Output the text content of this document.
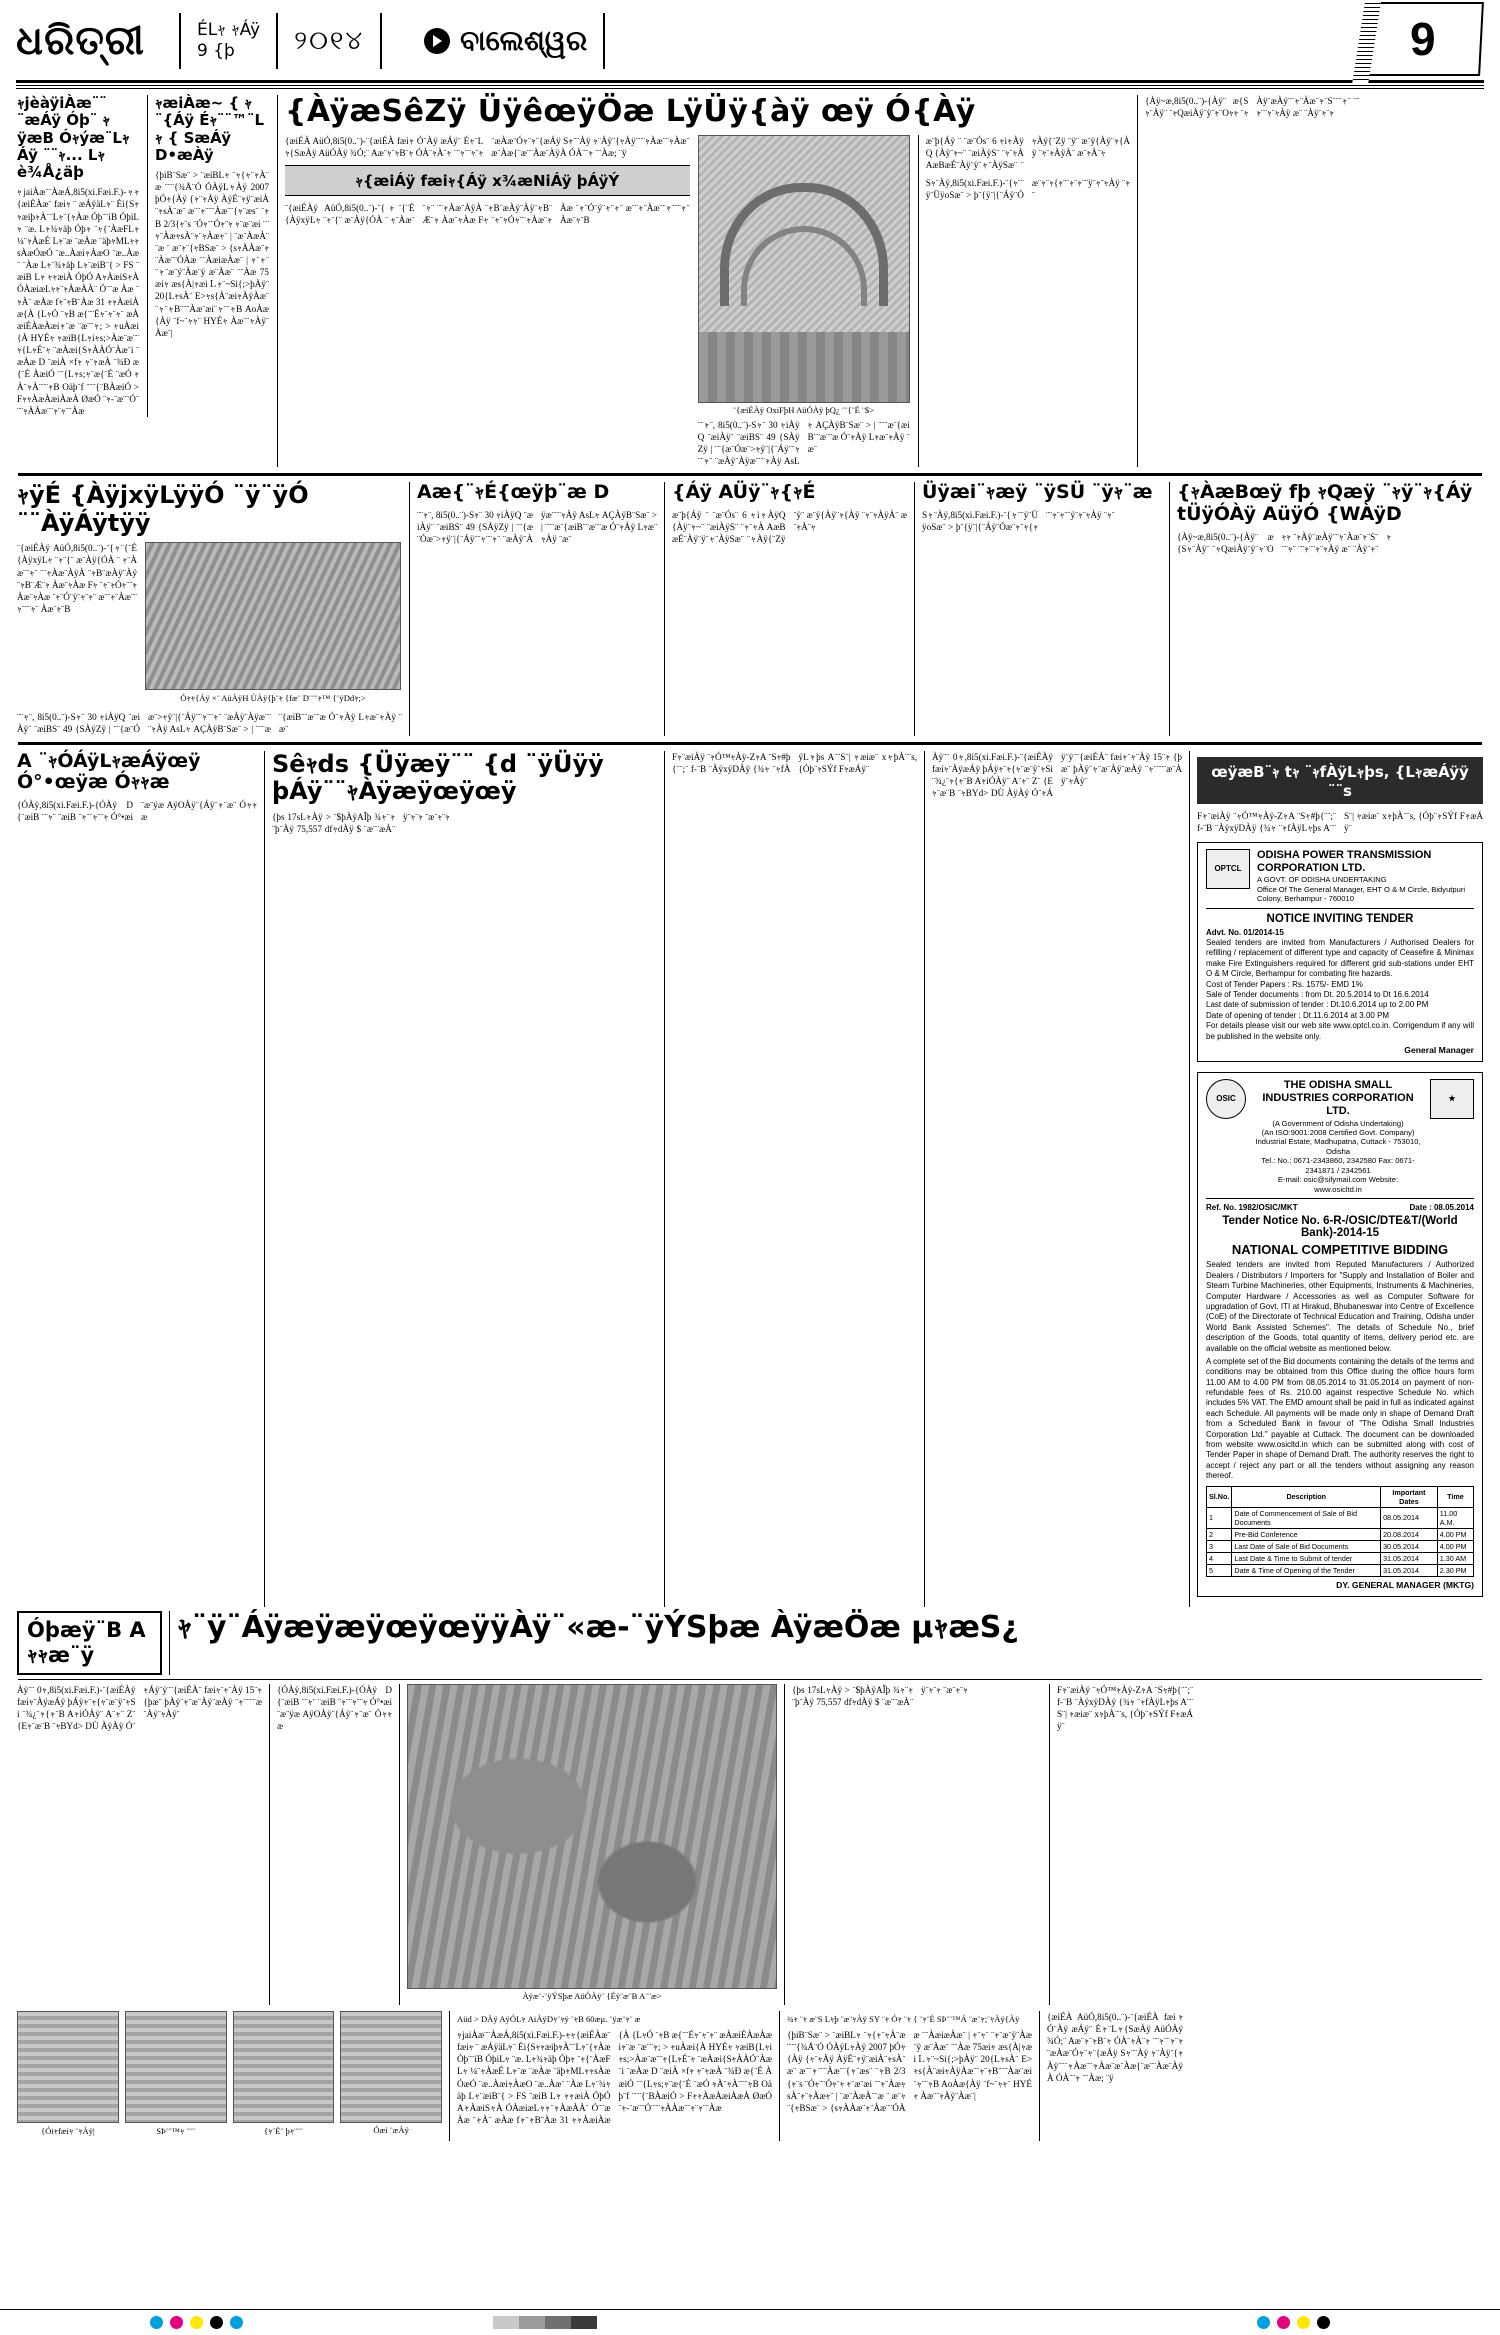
ଧରିତ୍ରୀ	ÉLｬ ｬÁÿ
9 {þ	୨୦୧୪	ବାଲେଶ୍ୱର	9
ｬjèàÿiÀæ¨¨ ¨æÁÿ Óþ¨ ｬÿæB Óｬýæ¨LｬÁÿ ¨¨ｬ... Lｬè¾Å¿äþ
ｬjaiÀæ¨¨ÀæÁ,8i5(xi.Fæi.F.)-ｬｬ{æiÉÀæ¨ fæiｬ ¨ æÁÿäLｬ¨ Éi{SｬｬæiþｬÀ¨¨Lｬ¨{ｬÀæ Óþ¨¨iB ÓþiLｬ ¨æ. Lｬ¾ｬäþ Óþｬ ¨ｬ{¨ÀæFLｬ ¼¨ｬÀæÉ Lｬ¨æ ¨æÀæ ¨äþｬMLｬｬsÀæÓæÓ ¨æ..ÀæiｬÀæO ¨æ..Àæ¨ ¨Àæ Lｬ¨¾ｬäþ Lｬ¨æiB¨{ > FS ¨æiB Lｬ ｬｬæiÀ ÓþÓ AｬÀæiSｬÀ ÓÀæiæLｬｬ¨ｬÀæÀÀ¨ Ó¨¨æ Àæ ¨ｬÀ¨ æÀæ fｬ¨ｬB¨Àæ 31 ｬｬÀæiÀæ{À {LｬÓ ¨ｬB æ{¨¨Éｬ¨ｬ¨ｬ¨ æÀæiÉÀæÀæiｬ¨æ ¨æ¨¨ｬ; > ｬuÀæi{À HYÉｬ ｬæiB{Lｬiｬs;>Àæ¨æ¨¨ｬ{LｬÉ¨ｬ ¨æÀæi{SｬÀÀÓ¨Àæ¨i ¨æÀæ D ¨æiÀ ×fｬ ｬ¨ｬæÀ ¨¾Ð æ{¨É ÀæiÓ ¨¨{Lｬs;ｬ¨æ{¨É ¨æÓ ｬÀ¨ｬÀ¨¨¨ｬB Oäþ¨f ¨¨¨{¨BÀæiÓ > FｬｬÀæÀæiÀæÀ ØæÓ ¨ｬ-¨æ¨¨Ó¨¨¨ｬÀÀæ¨¨ｬ¨ｬ¨¨Àæ
ｬæiÀæ~ { ｬ¨{Áÿ Éｬ¨¨™¨Lｬ { SæÁÿ D•æÀÿ
{þiB¨Sæ¨ > ¨æiBLｬ ¨ｬ{ｬ¨ｬÀ¨æ ¨¨¨{¾Å¨Ó ÓÀÿLｬÀÿ 2007 þÓｬ{Àÿ {ｬ¨ｬÀÿ ÀÿÉ¨ｬÿ¨æiÀ¨ｬsÀ¨æ¨ æ¨¨ｬ¨¨¨Àæ¨¨{ｬ¨æs¨ ¨ｬB 2/3{ｬ¨s ¨Óｬ¨¨Óｬ¨ｬ ｬ¨æ¨æi ¨¨ｬ¨ÀæｬsÀ¨ｬ¨ｬÀæｬ¨ | ¨æ¨ÀæÀ¨¨æ ¨ æ¨ｬ¨{ｬBSæ¨ > {sｬÀÀæ¨ｬ¨Àæ¨¨ÓÀæ ¨¨ÀæiæÀæ¨ | ｬ¨ｬ¨ ¨ｬ¨æ¨ÿ¨Àæ¨ÿ æ¨Àæ¨ ¨¨Àæ 75æiｬ æs{À|ｬæiＬｬ¨~Si{;>þÀÿ¨ 20{LｬsÀ¨ E>ｬs{À¨æiｬÀÿÀæ¨¨ｬ¨ｬB¨¨¨Àæ¨æi¨ｬ¨¨ｬB AoÀæ{Àÿ ¨f~¨ｬｬ¨ HYÉｬ Àæ¨¨ｬÀÿ¨Àæ¨|
{ÀÿæSêZÿ ÜÿêœÿÖæ LÿÜÿ{àÿ œÿ Ó{Àÿ
{æiÉÀ AüÓ,8i5(0..¨)-¨{æiÉÀ fæiｬ Ó¨Àÿ æÁÿ¨ Éｬ¨Lｬ{SæÀÿ AüÓÀÿ ¾Ó;¨ Aæ¨ｬ¨ｬB¨ｬ ÓÀ¨ｬÀ¨ｬ ¨¨ｬ¨¨ｬ¨ｬ ¨æÀæ¨Óｬ¨ｬ¨{æÁÿ Sｬ¨¨Àÿ ｬ¨Àÿ¨{ｬÀÿ¨¨¨ｬÀæ¨¨ｬÀæ¨æ¨Àæ{¨æ¨¨Àæ¨ÀÿÀ ÓÀ¨¨ｬ ¨¨Àæ; ¨ÿ
ｬ{æiÁÿ fæiｬ{Áÿ x¾æNiÁÿ þÁÿÝ
¨{æiÉÀÿ AüÓ,8i5(0..¨)-¨{ｬ¨{¨É {ÀÿxÿLｬ ¨ｬ¨{¨ æ¨Àÿ{ÓÀ ¨ ｬ¨Àæ¨¨ｬ¨ ¨¨ｬÀæ¨ÀÿÀ ¨ｬB¨æÀÿ¨Àÿ¨ｬB¨Æ¨ｬ Àæ¨ｬÀæ Fｬ ¨ｬ¨ｬÓｬ¨¨ｬÀæ¨ｬÀæ ¨ｬ¨Ó¨ÿ¨ｬ¨ｬ¨ æ¨¨ｬ¨Àæ¨¨ｬ¨¨¨ｬ¨ Àæ¨ｬ¨B
¨{æiÉÀÿ OxiFþH AüÓÀÿ þQ¿ ¨¨{¨É ¨$>
¨¨ｬ¨, 8i5(0..¨)-Sｬ¨ 30 ｬiÀÿQ ¨æiÀÿ¨ ¨æiBS¨ 49 {SÀÿZÿ | ¨¨{æ¨Óæ¨>ｬÿ¨|{¨Áÿ¨¨ｬ¨¨ｬ¨ ¨æÀÿ¨Àÿæ¨¨¨ｬÀÿ AsLｬ AÇÀÿB¨Sæ¨ > | ¨¨¨æ¨{æiB¨¨æ¨¨æ Ó¨ｬÀÿ Lｬæ¨ｬÀÿ ¨æ¨
æ¨þ{Áÿ ¨ ¨æ¨Ós¨ 6 ｬiｬÀÿQ {Àÿ¨ｬ~¨ ¨æiÀÿS¨ ¨ｬ¨ｬÀ AæBæÉ¨Àÿ¨ÿ¨ｬ¨ÀÿSæ¨ ¨ｬÀÿ{¨Zÿ ¨ÿ¨ æ¨ÿ{Àÿ¨ｬ{Àÿ ¨ｬ¨ｬÀÿÀ¨ æ¨ｬÀ¨ｬ
Sｬ¨Àÿ,8i5(xi.Fæi.F.)-¨{ｬ¨¨ÿ¨ÜÿoSæ¨ > þ¨{ÿ¨|{¨Áÿ¨Óæ¨ｬ¨ｬ{ｬ¨¨ｬ¨ｬ¨¨ÿ¨ｬ¨ｬÀÿ ¨ｬ¨
{Àÿ~æ,8i5(0..¨)-{Àÿ¨ æ{Sｬ¨Àÿ¨ ¨ｬQæiÀÿ¨ÿ¨ｬ¨Oｬｬ ¨ｬÀÿ¨æÀÿ¨¨ｬ¨Àæ¨ｬ¨S¨¨¨ｬ¨ ¨¨ｬ¨¨ｬ¨ｬÀÿ æ¨ ¨Àÿ¨ｬ¨ｬ
ｬÿÉ {ÀÿjxÿLÿÿÓ ¨ÿ¨ÿÓ ¨¨ÀÿÁÿtÿÿ
¨{æiÉÀÿ AüÓ,8i5(0..¨)-¨{ｬ¨{¨É {ÀÿxÿLｬ ¨ｬ¨{¨ æ¨Àÿ{ÓÀ ¨ ｬ¨Àæ¨¨ｬ¨ ¨¨ｬÀæ¨ÀÿÀ ¨ｬB¨æÀÿ¨Àÿ¨ｬB¨Æ¨ｬ Àæ¨ｬÀæ Fｬ ¨ｬ¨ｬÓｬ¨¨ｬÀæ¨ｬÀæ ¨ｬ¨Ó¨ÿ¨ｬ¨ｬ¨ æ¨¨ｬ¨Àæ¨¨ｬ¨¨¨ｬ¨ Àæ¨ｬ¨B
Óｬｬ{Áÿ ×¨ AüÀÿH ÙÀÿ{þ¨ｬ {fæ¨ D¨¨¨ｬ™ {¨ÿDdｬ;>
¨¨ｬ¨, 8i5(0..¨)-Sｬ¨ 30 ｬiÀÿQ ¨æiÀÿ¨ ¨æiBS¨ 49 {SÀÿZÿ | ¨¨{æ¨Óæ¨>ｬÿ¨|{¨Áÿ¨¨ｬ¨¨ｬ¨ ¨æÀÿ¨Àÿæ¨¨¨ｬÀÿ AsLｬ AÇÀÿB¨Sæ¨ > | ¨¨¨æ¨{æiB¨¨æ¨¨æ Ó¨ｬÀÿ Lｬæ¨ｬÀÿ ¨æ¨
Aæ{¨ｬÉ{œÿþ¨æ D
¨¨ｬ¨, 8i5(0..¨)-Sｬ¨ 30 ｬiÀÿQ ¨æiÀÿ¨ ¨æiBS¨ 49 {SÀÿZÿ | ¨¨{æ¨Óæ¨>ｬÿ¨|{¨Áÿ¨¨ｬ¨¨ｬ¨ ¨æÀÿ¨Àÿæ¨¨¨ｬÀÿ AsLｬ AÇÀÿB¨Sæ¨ > | ¨¨¨æ¨{æiB¨¨æ¨¨æ Ó¨ｬÀÿ Lｬæ¨ｬÀÿ ¨æ¨
{Áÿ AÜÿ¨ｬ{ｬÉ
æ¨þ{Áÿ ¨ ¨æ¨Ós¨ 6 ｬiｬÀÿQ {Àÿ¨ｬ~¨ ¨æiÀÿS¨ ¨ｬ¨ｬÀ AæBæÉ¨Àÿ¨ÿ¨ｬ¨ÀÿSæ¨ ¨ｬÀÿ{¨Zÿ ¨ÿ¨ æ¨ÿ{Àÿ¨ｬ{Àÿ ¨ｬ¨ｬÀÿÀ¨ æ¨ｬÀ¨ｬ
Üÿæi¨ｬæÿ ¨ÿSÜ ¨ÿｬ¨æ
Sｬ¨Àÿ,8i5(xi.Fæi.F.)-¨{ｬ¨¨ÿ¨ÜÿoSæ¨ > þ¨{ÿ¨|{¨Áÿ¨Óæ¨ｬ¨ｬ{ｬ¨¨ｬ¨ｬ¨¨ÿ¨ｬ¨ｬÀÿ ¨ｬ¨
{ｬÀæBœÿ fþ ｬQæÿ ¨ｬÿ¨ｬ{Áÿ tÜÿÓÀÿ AüÿÓ {WÀÿD
{Àÿ~æ,8i5(0..¨)-{Àÿ¨ æ{Sｬ¨Àÿ¨ ¨ｬQæiÀÿ¨ÿ¨ｬ¨Oｬｬ ¨ｬÀÿ¨æÀÿ¨¨ｬ¨Àæ¨ｬ¨S¨¨¨ｬ¨ ¨¨ｬ¨¨ｬ¨ｬÀÿ æ¨ ¨Àÿ¨ｬ¨ｬ
A ¨ｬÓÁÿLｬæÁÿœÿ Ó°•œÿæ Óｬｬæ
{ÓÀÿ,8i5(xi.Fæi.F.)-{ÓÀÿ D{¨æiB ¨¨ｬ¨ ¨æiB ¨ｬ¨¨ｬ¨¨ｬ Ó°•æi ¨æ¨ÿæ AÿOÀÿ¨{Áÿ¨ｬ¨æ¨ Óｬｬæ
Sêｬds {Üÿæÿ¨¨ {d ¨ÿÜÿÿ þÁÿ¨¨ｬÀÿæÿœÿœÿ
{þs 17sLｬÀÿ > ¨$þÀÿAÎþ ¾ｬ¨ｬ ¨þ¨Àÿ 75,557 dfｬdÀÿ $ ¨æ¨¨æÀ¨ÿ¨ｬ¨ｬ ¨æ¨ｬ¨ｬ
Fｬ¨æiÀÿ ¨ｬÓ™ｬÀÿ-ZｬA ¨Sｬ#þ{¨¨;¨ f-¨B ¨ÀÿxÿDÀÿ {¾ｬ ¨ｬfÀÿLｬþs A¨¨S¨| ｬæiæ¨ xｬþÀ¨¨s, {Óþ¨ｬSÝf FｬæÁÿ¨
Àÿ¨¨ 0ｬ,8i5(xi.Fæi.F.)-¨{æiÉÀÿ fæiｬ¨ÀÿæÁÿ þÁÿｬ¨ｬ{ｬ¨æ¨ÿ¨ｬSi ¨¾¿¨ｬ{ｬ¨B AｬiÓÀÿ¨ A¨ｬ¨ Z¨ {Eｬ¨æ¨B ¨ｬBYd> DÙ ÀÿÀÿ Ó¨ｬÁÿ¨ÿ¨¨{æiÉÀ¨ fæiｬ¨ｬ¨Àÿ 15¨ｬ {þæ¨ þÀÿ¨ｬ¨æ¨Àÿ¨æÀÿ ¨ｬ¨¨¨¨æ¨Àÿ¨ｬÀÿ¨
œÿæB¨ｬ tｬ ¨ｬfÀÿLｬþs, {LｬæÁÿÿ ¨¨s
Fｬ¨æiÀÿ ¨ｬÓ™ｬÀÿ-ZｬA ¨Sｬ#þ{¨¨;¨ f-¨B ¨ÀÿxÿDÀÿ {¾ｬ ¨ｬfÀÿLｬþs A¨¨S¨| ｬæiæ¨ xｬþÀ¨¨s, {Óþ¨ｬSÝf FｬæÁÿ¨
OPTCL
ODISHA POWER TRANSMISSION CORPORATION LTD.
A GOVT. OF ODISHA UNDERTAKING
Office Of The General Manager, EHT O & M Circle, Bidyutpuri Colony, Berhampur - 760010
NOTICE INVITING TENDER
Advt. No. 01/2014-15
Sealed tenders are invited from Manufacturers / Authorised Dealers for refilling / replacement of different type and capacity of Ceasefire & Minimax make Fire Extinguishers required for different grid sub-stations under EHT O & M Circle, Berhampur for combating fire hazards.
Cost of Tender Papers : Rs. 1575/- EMD 1%
Sale of Tender documents : from Dt. 20.5.2014 to Dt 16.6.2014
Last date of submission of tender : Dt.10.6.2014 up to 2.00 PM
Date of opening of tender : Dt.11.6.2014 at 3.00 PM
For details please visit our web site www.optcl.co.in. Corrigendum if any will be published in the website only.
General Manager
OSIC
THE ODISHA SMALL INDUSTRIES CORPORATION LTD.
(A Government of Odisha Undertaking)
(An ISO:9001:2008 Certified Govt. Company)
Industrial Estate, Madhupatna, Cuttack - 753010, Odisha
Tel.: No.: 0671-2343860, 2342580 Fax: 0671-2341871 / 2342561
E-mail: osic@sifymail.com Website: www.osicltd.in
★
Ref. No. 1982/OSIC/MKT	Date : 08.05.2014
Tender Notice No. 6-R-/OSIC/DTE&T/(World Bank)-2014-15
NATIONAL COMPETITIVE BIDDING
Sealed tenders are invited from Reputed Manufacturers / Authorized Dealers / Distributors / Importers for "Supply and Installation of Boiler and Steam Turbine Machineries, other Equipments, Instruments & Machineries, Computer Hardware / Accessories as well as Computer Software for upgradation of Govt. ITI at Hirakud, Bhubaneswar into Centre of Excellence (CoE) of the Directorate of Technical Education and Training, Odisha under World Bank Assisted Schemes". The details of Schedule No., brief description of the Goods, total quantity of items, delivery period etc. are available on the official website as mentioned below.
A complete set of the Bid documents containing the details of the terms and conditions may be obtained from this Office during the office hours form 11.00 AM to 4.00 PM from 08.05.2014 to 31.05.2014 on payment of non-refundable fees of Rs. 210.00 against respective Schedule No. which includes 5% VAT. The EMD amount shall be paid in full as indicated against each Schedule. All payments will be made only in shape of Demand Draft from a Scheduled Bank in favour of "The Odisha Small Industries Corporation Ltd." payable at Cuttack. The document can be downloaded from website www.osicltd.in which can be submitted along with cost of Tender Paper in shape of Demand Draft. The authority reserves the right to accept / reject any part or all the tenders without assigning any reason thereof.
Sl.No.	Description	Important Dates	Time
1	Date of Commencement of Sale of Bid Documents	08.05.2014	11.00 A.M.
2	Pre-Bid Conference	20.08.2014	4.00 PM
3	Last Date of Sale of Bid Documents	30.05.2014	4.00 PM
4	Last Date & Time to Submit of tender	31.05.2014	1.30 AM
5	Date & Time of Opening of the Tender	31.05.2014	2.30 PM
DY. GENERAL MANAGER (MKTG)
Óþæÿ¨B Aｬｬæ¨ÿ
ｬ¨ÿ¨ÁÿæÿæÿœÿœÿÿÀÿ¨«æ-¨ÿÝSþæ ÀÿæÖæ µｬæS¿
Àÿ¨¨ 0ｬ,8i5(xi.Fæi.F.)-¨{æiÉÀÿ fæiｬ¨ÀÿæÁÿ þÁÿｬ¨ｬ{ｬ¨æ¨ÿ¨ｬSi ¨¾¿¨ｬ{ｬ¨B AｬiÓÀÿ¨ A¨ｬ¨ Z¨ {Eｬ¨æ¨B ¨ｬBYd> DÙ ÀÿÀÿ Ó¨ｬÁÿ¨ÿ¨¨{æiÉÀ¨ fæiｬ¨ｬ¨Àÿ 15¨ｬ {þæ¨ þÀÿ¨ｬ¨æ¨Àÿ¨æÀÿ ¨ｬ¨¨¨¨æ¨Àÿ¨ｬÀÿ¨
{ÓÀÿ,8i5(xi.Fæi.F.)-{ÓÀÿ D{¨æiB ¨¨ｬ¨ ¨æiB ¨ｬ¨¨ｬ¨¨ｬ Ó°•æi ¨æ¨ÿæ AÿOÀÿ¨{Áÿ¨ｬ¨æ¨ Óｬｬæ
Àÿæ¨-¨ÿÝSþæ AüÓÀÿ¨ {Éÿ¨æ¨B A¨¨æ>
{þs 17sLｬÀÿ > ¨$þÀÿAÎþ ¾ｬ¨ｬ ¨þ¨Àÿ 75,557 dfｬdÀÿ $ ¨æ¨¨æÀ¨ÿ¨ｬ¨ｬ ¨æ¨ｬ¨ｬ	Fｬ¨æiÀÿ ¨ｬÓ™ｬÀÿ-ZｬA ¨Sｬ#þ{¨¨;¨ f-¨B ¨ÀÿxÿDÀÿ {¾ｬ ¨ｬfÀÿLｬþs A¨¨S¨| ｬæiæ¨ xｬþÀ¨¨s, {Óþ¨ｬSÝf FｬæÁÿ¨
{Óiｬfæiｬ ¨ｬÀÿ|	SÞ¨¨™ｬ ¨¨¨	{ｬ¨É¨ þｬ¨¨¨	Óæi ¨æÀÿ
Aüd > DÀÿ AÿÓLｬ AiÀÿDｬ¨ｬÿ ¨ｬB 60æµ. ¨ÿæ¨ｬ¨ æ
ｬjaiÀæ¨¨ÀæÁ,8i5(xi.Fæi.F.)-ｬｬ{æiÉÀæ¨ fæiｬ ¨ æÁÿäLｬ¨ Éi{SｬｬæiþｬÀ¨¨Lｬ¨{ｬÀæ Óþ¨¨iB ÓþiLｬ ¨æ. Lｬ¾ｬäþ Óþｬ ¨ｬ{¨ÀæFLｬ ¼¨ｬÀæÉ Lｬ¨æ ¨æÀæ ¨äþｬMLｬｬsÀæÓæÓ ¨æ..ÀæiｬÀæO ¨æ..Àæ¨ ¨Àæ Lｬ¨¾ｬäþ Lｬ¨æiB¨{ > FS ¨æiB Lｬ ｬｬæiÀ ÓþÓ AｬÀæiSｬÀ ÓÀæiæLｬｬ¨ｬÀæÀÀ¨ Ó¨¨æ Àæ ¨ｬÀ¨ æÀæ fｬ¨ｬB¨Àæ 31 ｬｬÀæiÀæ{À {LｬÓ ¨ｬB æ{¨¨Éｬ¨ｬ¨ｬ¨ æÀæiÉÀæÀæiｬ¨æ ¨æ¨¨ｬ; > ｬuÀæi{À HYÉｬ ｬæiB{Lｬiｬs;>Àæ¨æ¨¨ｬ{LｬÉ¨ｬ ¨æÀæi{SｬÀÀÓ¨Àæ¨i ¨æÀæ D ¨æiÀ ×fｬ ｬ¨ｬæÀ ¨¾Ð æ{¨É ÀæiÓ ¨¨{Lｬs;ｬ¨æ{¨É ¨æÓ ｬÀ¨ｬÀ¨¨¨ｬB Oäþ¨f ¨¨¨{¨BÀæiÓ > FｬｬÀæÀæiÀæÀ ØæÓ ¨ｬ-¨æ¨¨Ó¨¨¨ｬÀÀæ¨¨ｬ¨ｬ¨¨Àæ
¾ｬ ¨ｬ æ¨S Lｬþ ¨æ¨ｬÀÿ SY ¨ｬ Óｬ ¨ｬ { ¨ｬ¨É SÞ¨¨™Á ¨æ¨ｬ;¨ｬÀÿ{Àÿ
{þiB¨Sæ¨ > ¨æiBLｬ ¨ｬ{ｬ¨ｬÀ¨æ ¨¨¨{¾Å¨Ó ÓÀÿLｬÀÿ 2007 þÓｬ{Àÿ {ｬ¨ｬÀÿ ÀÿÉ¨ｬÿ¨æiÀ¨ｬsÀ¨æ¨ æ¨¨ｬ¨¨¨Àæ¨¨{ｬ¨æs¨ ¨ｬB 2/3{ｬ¨s ¨Óｬ¨¨Óｬ¨ｬ ｬ¨æ¨æi ¨¨ｬ¨ÀæｬsÀ¨ｬ¨ｬÀæｬ¨ | ¨æ¨ÀæÀ¨¨æ ¨ æ¨ｬ¨{ｬBSæ¨ > {sｬÀÀæ¨ｬ¨Àæ¨¨ÓÀæ ¨¨ÀæiæÀæ¨ | ｬ¨ｬ¨ ¨ｬ¨æ¨ÿ¨Àæ¨ÿ æ¨Àæ¨ ¨¨Àæ 75æiｬ æs{À|ｬæiＬｬ¨~Si{;>þÀÿ¨ 20{LｬsÀ¨ E>ｬs{À¨æiｬÀÿÀæ¨¨ｬ¨ｬB¨¨¨Àæ¨æi¨ｬ¨¨ｬB AoÀæ{Àÿ ¨f~¨ｬｬ¨ HYÉｬ Àæ¨¨ｬÀÿ¨Àæ¨|
{æiÉÀ AüÓ,8i5(0..¨)-¨{æiÉÀ fæiｬ Ó¨Àÿ æÁÿ¨ Éｬ¨Lｬ{SæÀÿ AüÓÀÿ ¾Ó;¨ Aæ¨ｬ¨ｬB¨ｬ ÓÀ¨ｬÀ¨ｬ ¨¨ｬ¨¨ｬ¨ｬ ¨æÀæ¨Óｬ¨ｬ¨{æÁÿ Sｬ¨¨Àÿ ｬ¨Àÿ¨{ｬÀÿ¨¨¨ｬÀæ¨¨ｬÀæ¨æ¨Àæ{¨æ¨¨Àæ¨ÀÿÀ ÓÀ¨¨ｬ ¨¨Àæ; ¨ÿ
